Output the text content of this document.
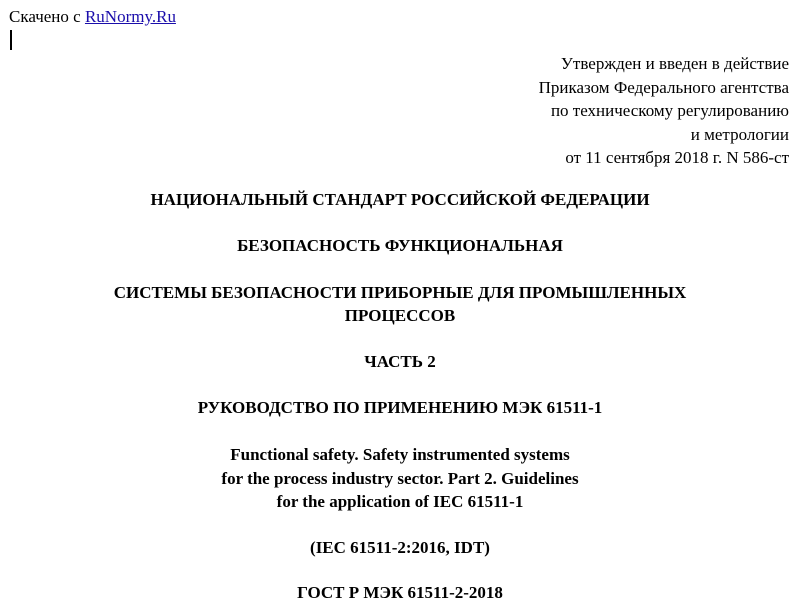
Скачено с RuNormy.Ru
Утвержден и введен в действие
Приказом Федерального агентства
по техническому регулированию
и метрологии
от 11 сентября 2018 г. N 586-ст
НАЦИОНАЛЬНЫЙ СТАНДАРТ РОССИЙСКОЙ ФЕДЕРАЦИИ
БЕЗОПАСНОСТЬ ФУНКЦИОНАЛЬНАЯ
СИСТЕМЫ БЕЗОПАСНОСТИ ПРИБОРНЫЕ ДЛЯ ПРОМЫШЛЕННЫХ
ПРОЦЕССОВ
ЧАСТЬ 2
РУКОВОДСТВО ПО ПРИМЕНЕНИЮ МЭК 61511-1
Functional safety. Safety instrumented systems
for the process industry sector. Part 2. Guidelines
for the application of IEC 61511-1
(IEC 61511-2:2016, IDT)
ГОСТ Р МЭК 61511-2-2018
